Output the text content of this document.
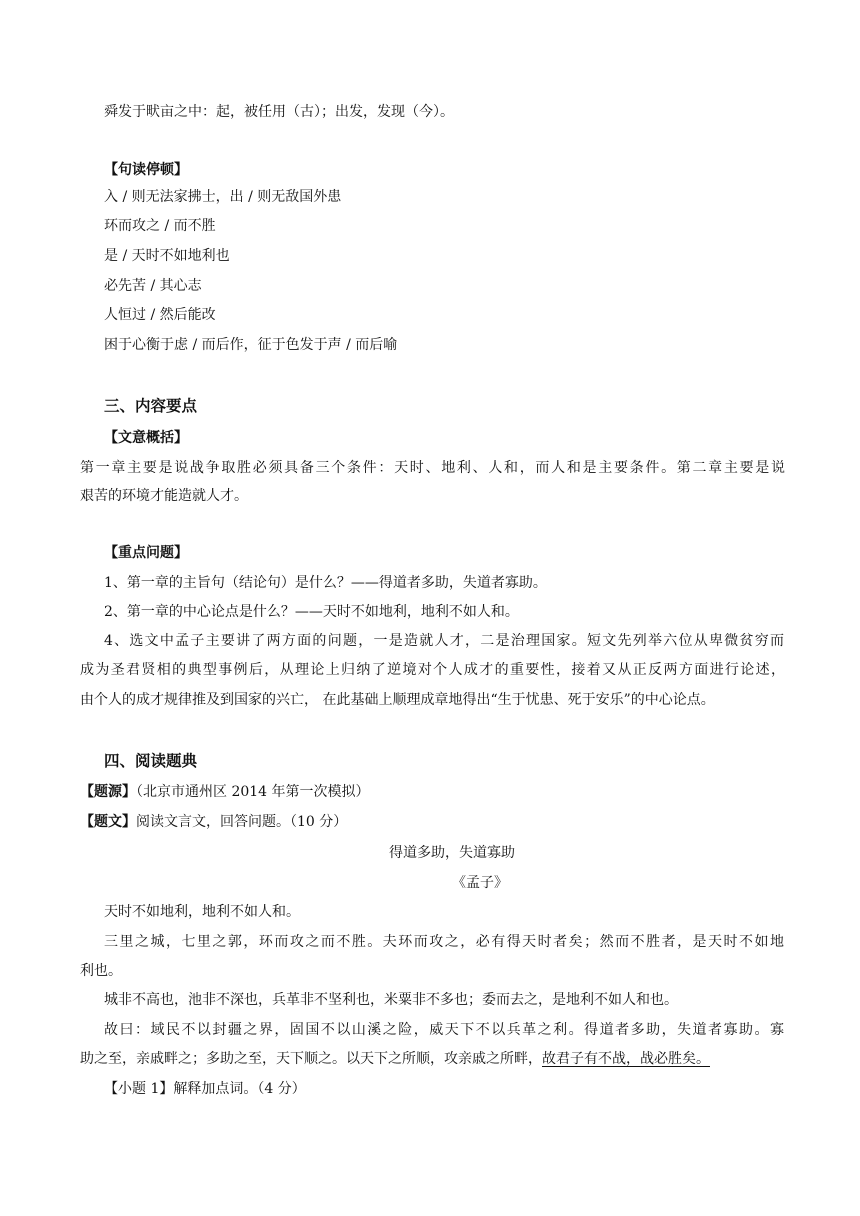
舜发于畎亩之中：起，被任用（古）；出发，发现（今）。
【句读停顿】
入 / 则无法家拂士，出 / 则无敌国外患
环而攻之 / 而不胜
是 / 天时不如地利也
必先苦 / 其心志
人恒过 / 然后能改
困于心衡于虑 / 而后作，征于色发于声 / 而后喻
三、内容要点
【文意概括】
第一章主要是说战争取胜必须具备三个条件：天时、地利、人和，而人和是主要条件。第二章主要是说
艰苦的环境才能造就人才。
【重点问题】
1、第一章的主旨句（结论句）是什么？——得道者多助，失道者寡助。
2、第一章的中心论点是什么？——天时不如地利，地利不如人和。
4、选文中孟子主要讲了两方面的问题，一是造就人才，二是治理国家。短文先列举六位从卑微贫穷而
成为圣君贤相的典型事例后，从理论上归纳了逆境对个人成才的重要性，接着又从正反两方面进行论述，
由个人的成才规律推及到国家的兴亡， 在此基础上顺理成章地得出“生于忧患、死于安乐”的中心论点。
四、阅读题典
【题源】（北京市通州区 2014 年第一次模拟）
【题文】阅读文言文，回答问题。（10 分）
得道多助，失道寡助
《孟子》
天时不如地利，地利不如人和。
三里之城，七里之郭，环而攻之而不胜。夫环而攻之，必有得天时者矣；然而不胜者，是天时不如地
利也。
城非不高也，池非不深也，兵革非不坚利也，米粟非不多也；委而去之，是地利不如人和也。
故曰：域民不以封疆之界，固国不以山溪之险，威天下不以兵革之利。得道者多助，失道者寡助。寡
助之至，亲戚畔之；多助之至，天下顺之。以天下之所顺，攻亲戚之所畔，故君子有不战，战必胜矣。
【小题 1】解释加点词。（4 分）
